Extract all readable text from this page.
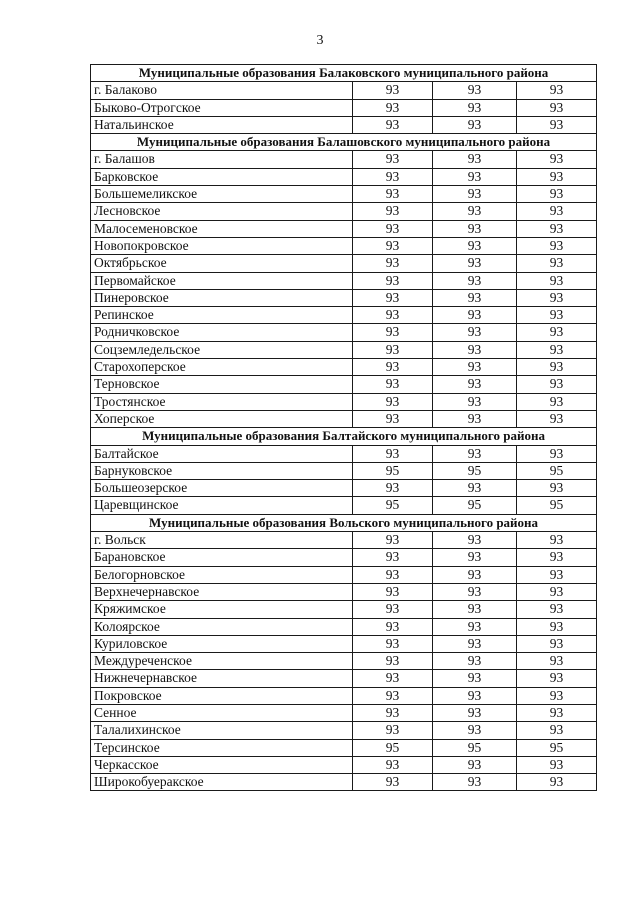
3
Муниципальные образования Балаковского муниципального района			
г. Балаково	93	93	93
Быково-Отрогское	93	93	93
Натальинское	93	93	93
Муниципальные образования Балашовского муниципального района			
г. Балашов	93	93	93
Барковское	93	93	93
Большемеликское	93	93	93
Лесновское	93	93	93
Малосеменовское	93	93	93
Новопокровское	93	93	93
Октябрьское	93	93	93
Первомайское	93	93	93
Пинеровское	93	93	93
Репинское	93	93	93
Родничковское	93	93	93
Соцземледельское	93	93	93
Старохоперское	93	93	93
Терновское	93	93	93
Тростянское	93	93	93
Хоперское	93	93	93
Муниципальные образования Балтайского муниципального района			
Балтайское	93	93	93
Барнуковское	95	95	95
Большеозерское	93	93	93
Царевщинское	95	95	95
Муниципальные образования Вольского муниципального района			
г. Вольск	93	93	93
Барановское	93	93	93
Белогорновское	93	93	93
Верхнечернавское	93	93	93
Кряжимское	93	93	93
Колоярское	93	93	93
Куриловское	93	93	93
Междуреченское	93	93	93
Нижнечернавское	93	93	93
Покровское	93	93	93
Сенное	93	93	93
Талалихинское	93	93	93
Терсинское	95	95	95
Черкасское	93	93	93
Широкобуеракское	93	93	93
